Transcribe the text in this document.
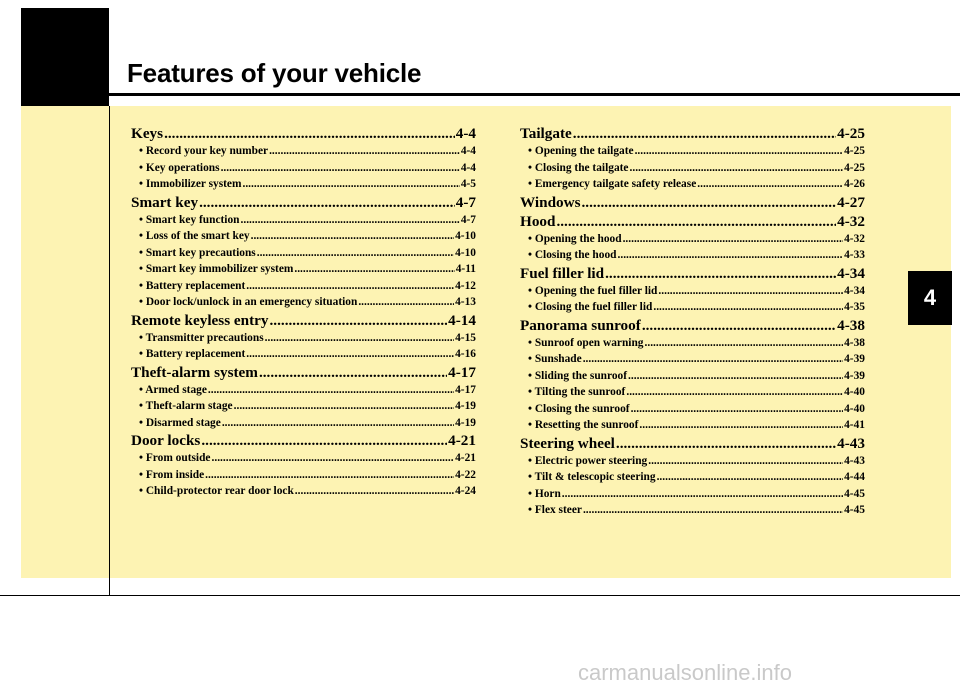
Features of your vehicle
4
Keys .....	4-4
• Record your key number .....	4-4
• Key operations .....	4-4
• Immobilizer system .....	4-5
Smart key .....	4-7
• Smart key function .....	4-7
• Loss of the smart key .....	4-10
• Smart key precautions .....	4-10
• Smart key immobilizer system .....	4-11
• Battery replacement .....	4-12
• Door lock/unlock in an emergency situation .....	4-13
Remote keyless entry .....	4-14
• Transmitter precautions .....	4-15
• Battery replacement .....	4-16
Theft-alarm system .....	4-17
• Armed stage .....	4-17
• Theft-alarm stage .....	4-19
• Disarmed stage .....	4-19
Door locks .....	4-21
• From outside .....	4-21
• From inside .....	4-22
• Child-protector rear door lock .....	4-24
Tailgate .....	4-25
• Opening the tailgate .....	4-25
• Closing the tailgate .....	4-25
• Emergency tailgate safety release .....	4-26
Windows .....	4-27
Hood .....	4-32
• Opening the hood .....	4-32
• Closing the hood .....	4-33
Fuel filler lid .....	4-34
• Opening the fuel filler lid .....	4-34
• Closing the fuel filler lid .....	4-35
Panorama sunroof .....	4-38
• Sunroof open warning .....	4-38
• Sunshade .....	4-39
• Sliding the sunroof .....	4-39
• Tilting the sunroof .....	4-40
• Closing the sunroof .....	4-40
• Resetting the sunroof .....	4-41
Steering wheel .....	4-43
• Electric power steering .....	4-43
• Tilt & telescopic steering .....	4-44
• Horn .....	4-45
• Flex steer .....	4-45
carmanualsonline.info
